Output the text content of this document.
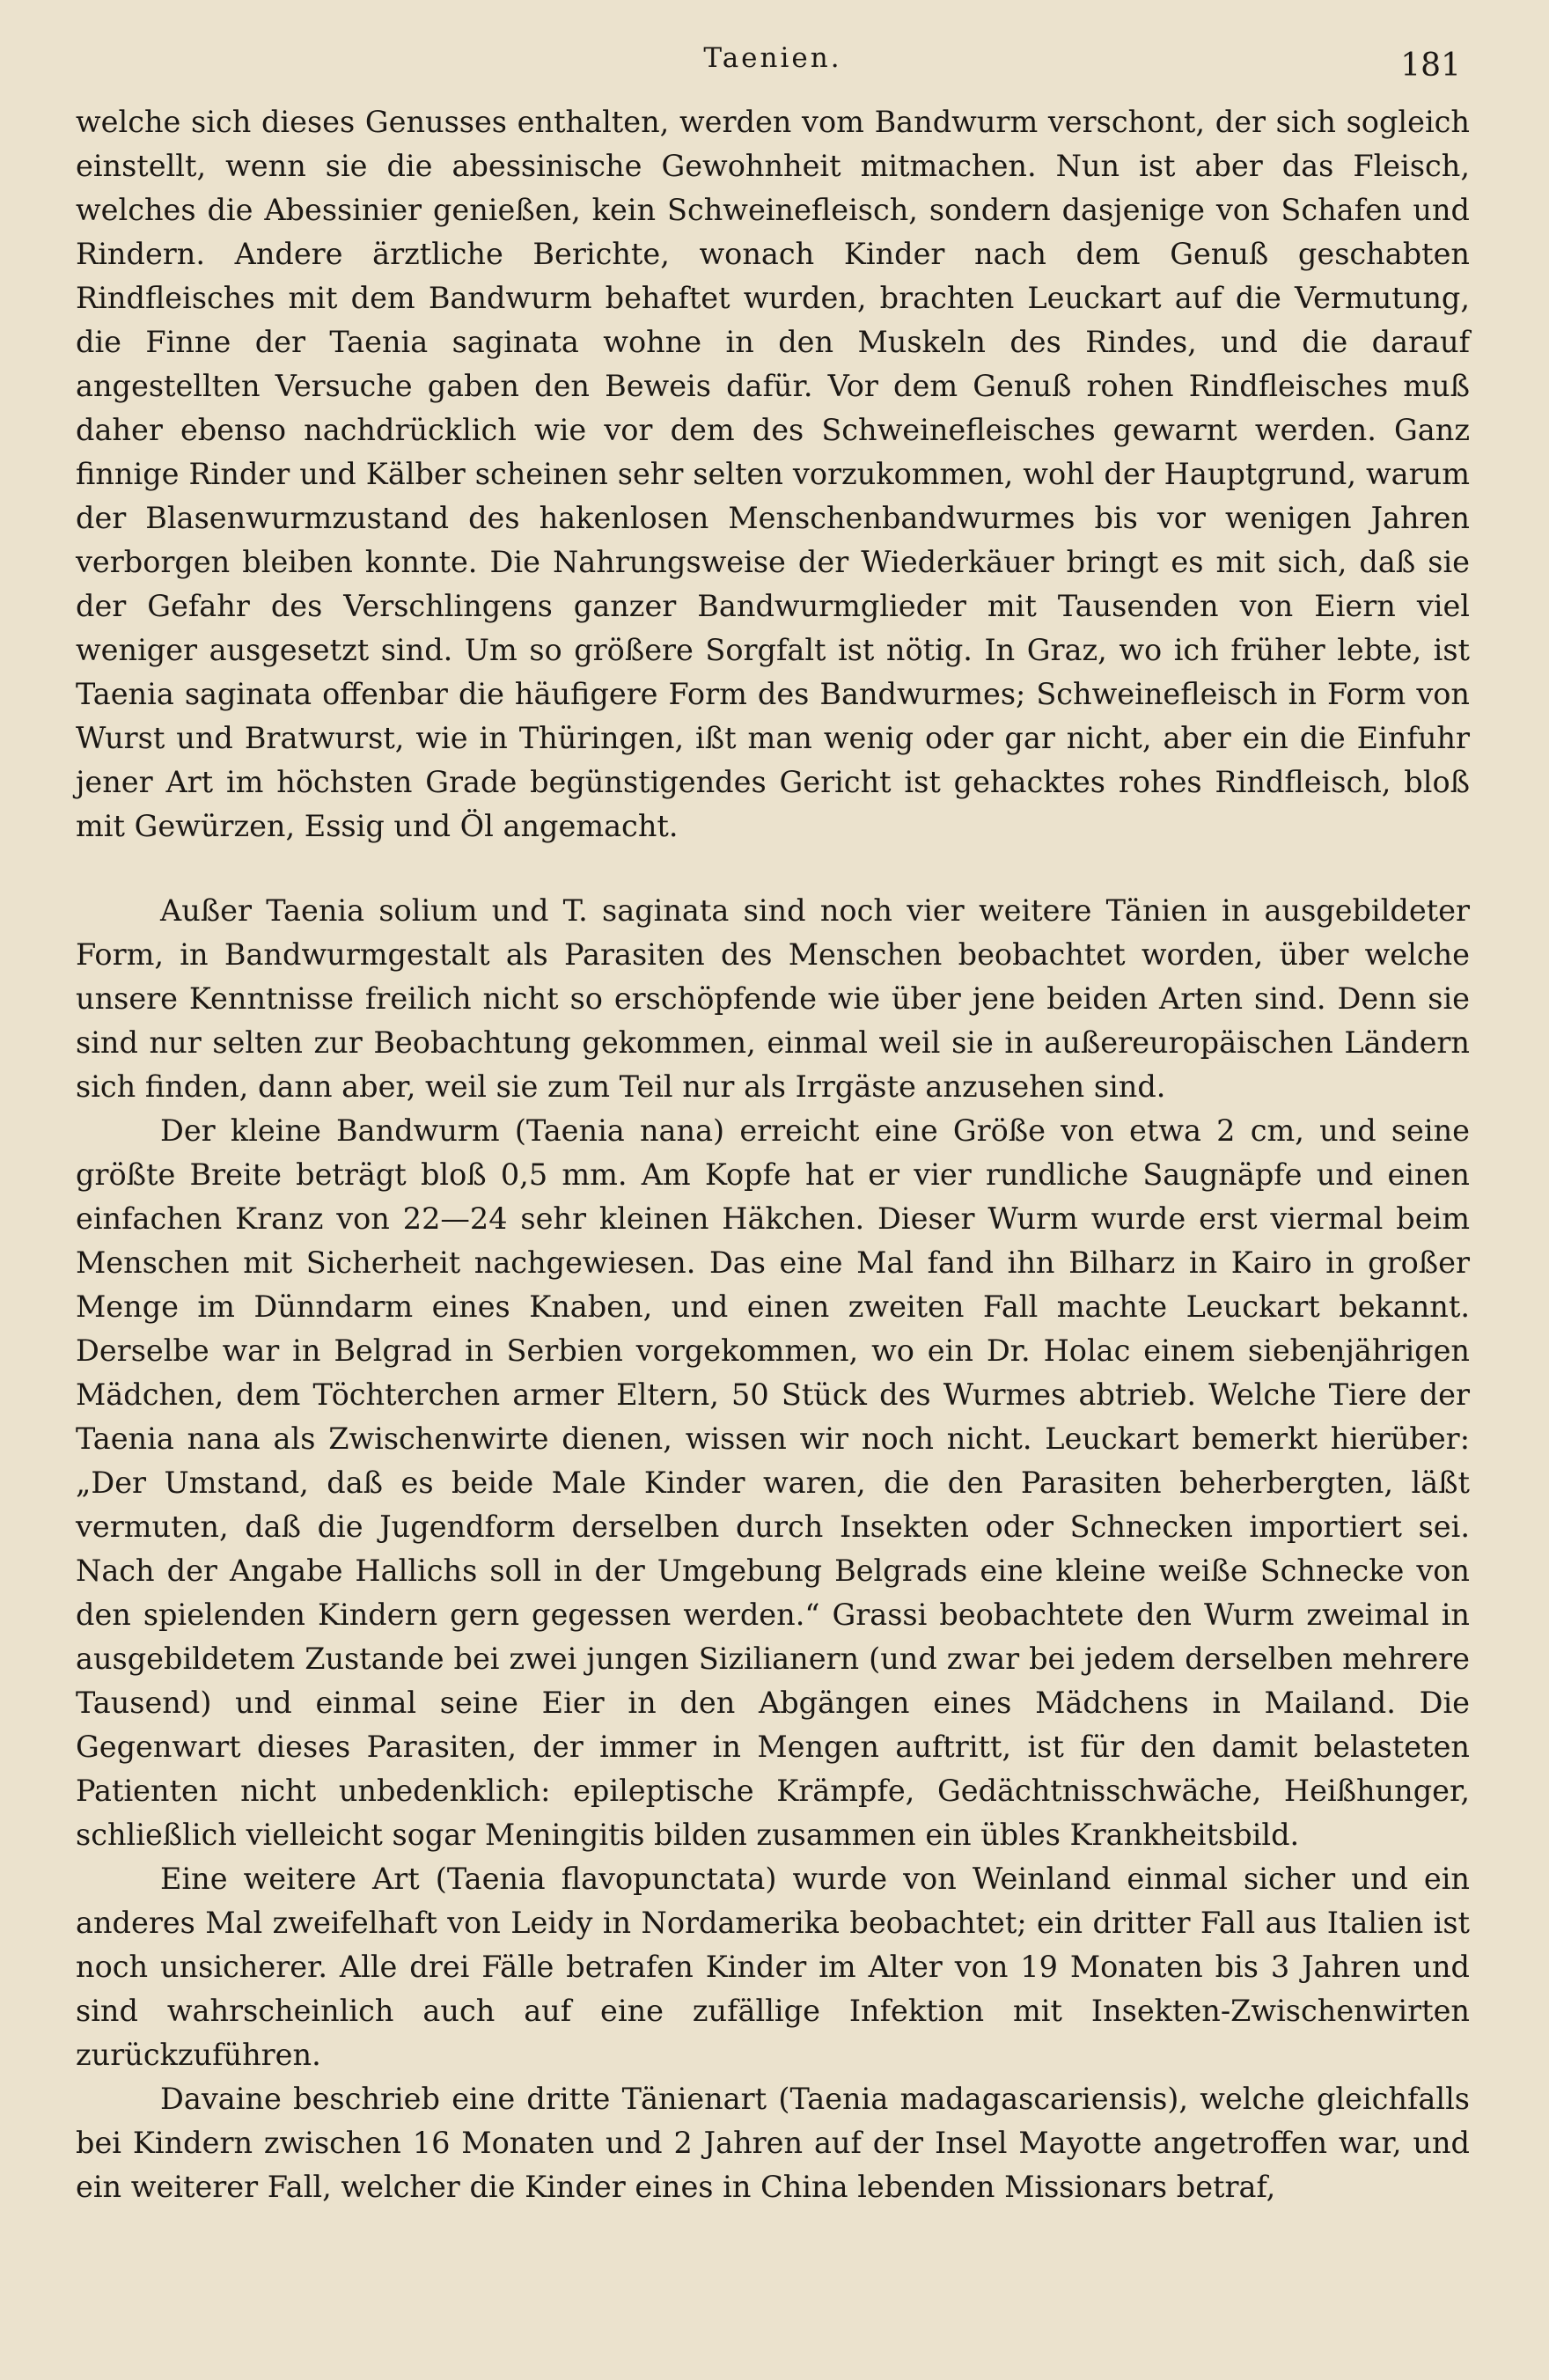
Taenien.	181

welche sich dieses Genusses enthalten, werden vom Bandwurm verschont, der sich sogleich einstellt, wenn sie die abessinische Gewohnheit mitmachen. Nun ist aber das Fleisch, welches die Abessinier genießen, kein Schweinefleisch, sondern dasjenige von Schafen und Rindern. Andere ärztliche Berichte, wonach Kinder nach dem Genuß geschabten Rindfleisches mit dem Bandwurm behaftet wurden, brachten Leuckart auf die Vermutung, die Finne der Taenia saginata wohne in den Muskeln des Rindes, und die darauf angestellten Versuche gaben den Beweis dafür. Vor dem Genuß rohen Rindfleisches muß daher ebenso nachdrücklich wie vor dem des Schweinefleisches gewarnt werden. Ganz finnige Rinder und Kälber scheinen sehr selten vorzukommen, wohl der Hauptgrund, warum der Blasenwurmzustand des hakenlosen Menschenbandwurmes bis vor wenigen Jahren verborgen bleiben konnte. Die Nahrungsweise der Wiederkäuer bringt es mit sich, daß sie der Gefahr des Verschlingens ganzer Bandwurmglieder mit Tausenden von Eiern viel weniger ausgesetzt sind. Um so größere Sorgfalt ist nötig. In Graz, wo ich früher lebte, ist Taenia saginata offenbar die häufigere Form des Bandwurmes; Schweinefleisch in Form von Wurst und Bratwurst, wie in Thüringen, ißt man wenig oder gar nicht, aber ein die Einfuhr jener Art im höchsten Grade begünstigendes Gericht ist gehacktes rohes Rindfleisch, bloß mit Gewürzen, Essig und Öl angemacht.

Außer Taenia solium und T. saginata sind noch vier weitere Tänien in ausgebildeter Form, in Bandwurmgestalt als Parasiten des Menschen beobachtet worden, über welche unsere Kenntnisse freilich nicht so erschöpfende wie über jene beiden Arten sind. Denn sie sind nur selten zur Beobachtung gekommen, einmal weil sie in außereuropäischen Ländern sich finden, dann aber, weil sie zum Teil nur als Irrgäste anzusehen sind.

Der kleine Bandwurm (Taenia nana) erreicht eine Größe von etwa 2 cm, und seine größte Breite beträgt bloß 0,5 mm. Am Kopfe hat er vier rundliche Saugnäpfe und einen einfachen Kranz von 22—24 sehr kleinen Häkchen. Dieser Wurm wurde erst viermal beim Menschen mit Sicherheit nachgewiesen. Das eine Mal fand ihn Bilharz in Kairo in großer Menge im Dünndarm eines Knaben, und einen zweiten Fall machte Leuckart bekannt. Derselbe war in Belgrad in Serbien vorgekommen, wo ein Dr. Holac einem siebenjährigen Mädchen, dem Töchterchen armer Eltern, 50 Stück des Wurmes abtrieb. Welche Tiere der Taenia nana als Zwischenwirte dienen, wissen wir noch nicht. Leuckart bemerkt hierüber: „Der Umstand, daß es beide Male Kinder waren, die den Parasiten beherbergten, läßt vermuten, daß die Jugendform derselben durch Insekten oder Schnecken importiert sei. Nach der Angabe Hallichs soll in der Umgebung Belgrads eine kleine weiße Schnecke von den spielenden Kindern gern gegessen werden.“ Grassi beobachtete den Wurm zweimal in ausgebildetem Zustande bei zwei jungen Sizilianern (und zwar bei jedem derselben mehrere Tausend) und einmal seine Eier in den Abgängen eines Mädchens in Mailand. Die Gegenwart dieses Parasiten, der immer in Mengen auftritt, ist für den damit belasteten Patienten nicht unbedenklich: epileptische Krämpfe, Gedächtnisschwäche, Heißhunger, schließlich vielleicht sogar Meningitis bilden zusammen ein übles Krankheitsbild.

Eine weitere Art (Taenia flavopunctata) wurde von Weinland einmal sicher und ein anderes Mal zweifelhaft von Leidy in Nordamerika beobachtet; ein dritter Fall aus Italien ist noch unsicherer. Alle drei Fälle betrafen Kinder im Alter von 19 Monaten bis 3 Jahren und sind wahrscheinlich auch auf eine zufällige Infektion mit Insekten-Zwischenwirten zurückzuführen.

Davaine beschrieb eine dritte Tänienart (Taenia madagascariensis), welche gleichfalls bei Kindern zwischen 16 Monaten und 2 Jahren auf der Insel Mayotte angetroffen war, und ein weiterer Fall, welcher die Kinder eines in China lebenden Missionars betraf,
